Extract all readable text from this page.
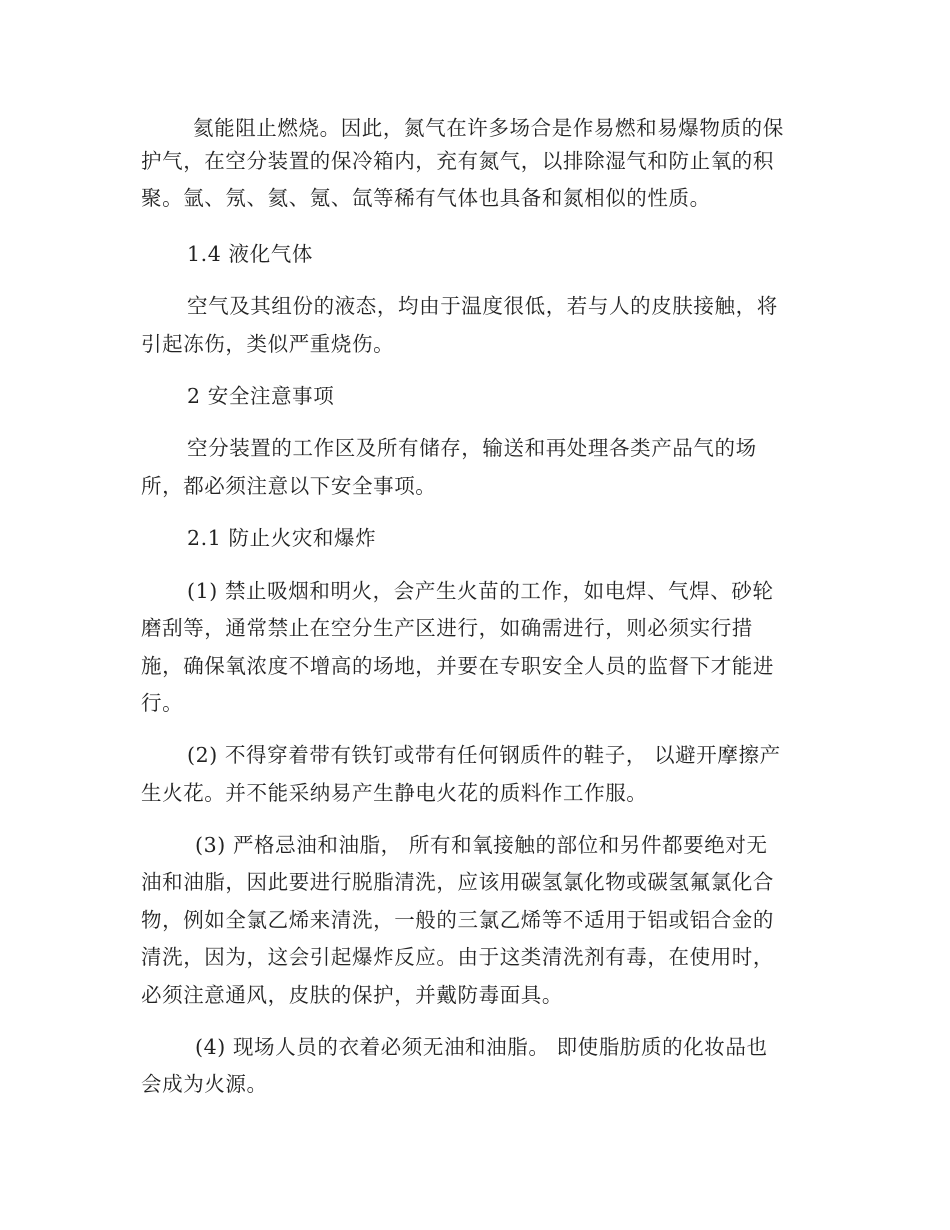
氦能阻止燃烧。因此，氮气在许多场合是作易燃和易爆物质的保
护气，在空分装置的保冷箱内，充有氮气，以排除湿气和防止氧的积
聚。氩、氖、氦、氪、氙等稀有气体也具备和氮相似的性质。
1.4 液化气体
空气及其组份的液态，均由于温度很低，若与人的皮肤接触，将
引起冻伤，类似严重烧伤。
2 安全注意事项
空分装置的工作区及所有储存，输送和再处理各类产品气的场
所，都必须注意以下安全事项。
2.1 防止火灾和爆炸
(1) 禁止吸烟和明火，会产生火苗的工作，如电焊、气焊、砂轮
磨刮等，通常禁止在空分生产区进行，如确需进行，则必须实行措
施，确保氧浓度不增高的场地，并要在专职安全人员的监督下才能进
行。
(2) 不得穿着带有铁钉或带有任何钢质件的鞋子， 以避开摩擦产
生火花。并不能采纳易产生静电火花的质料作工作服。
(3) 严格忌油和油脂， 所有和氧接触的部位和另件都要绝对无
油和油脂，因此要进行脱脂清洗，应该用碳氢氯化物或碳氢氟氯化合
物，例如全氯乙烯来清洗，一般的三氯乙烯等不适用于铝或铝合金的
清洗，因为，这会引起爆炸反应。由于这类清洗剂有毒，在使用时，
必须注意通风，皮肤的保护，并戴防毒面具。
(4) 现场人员的衣着必须无油和油脂。 即使脂肪质的化妆品也
会成为火源。
